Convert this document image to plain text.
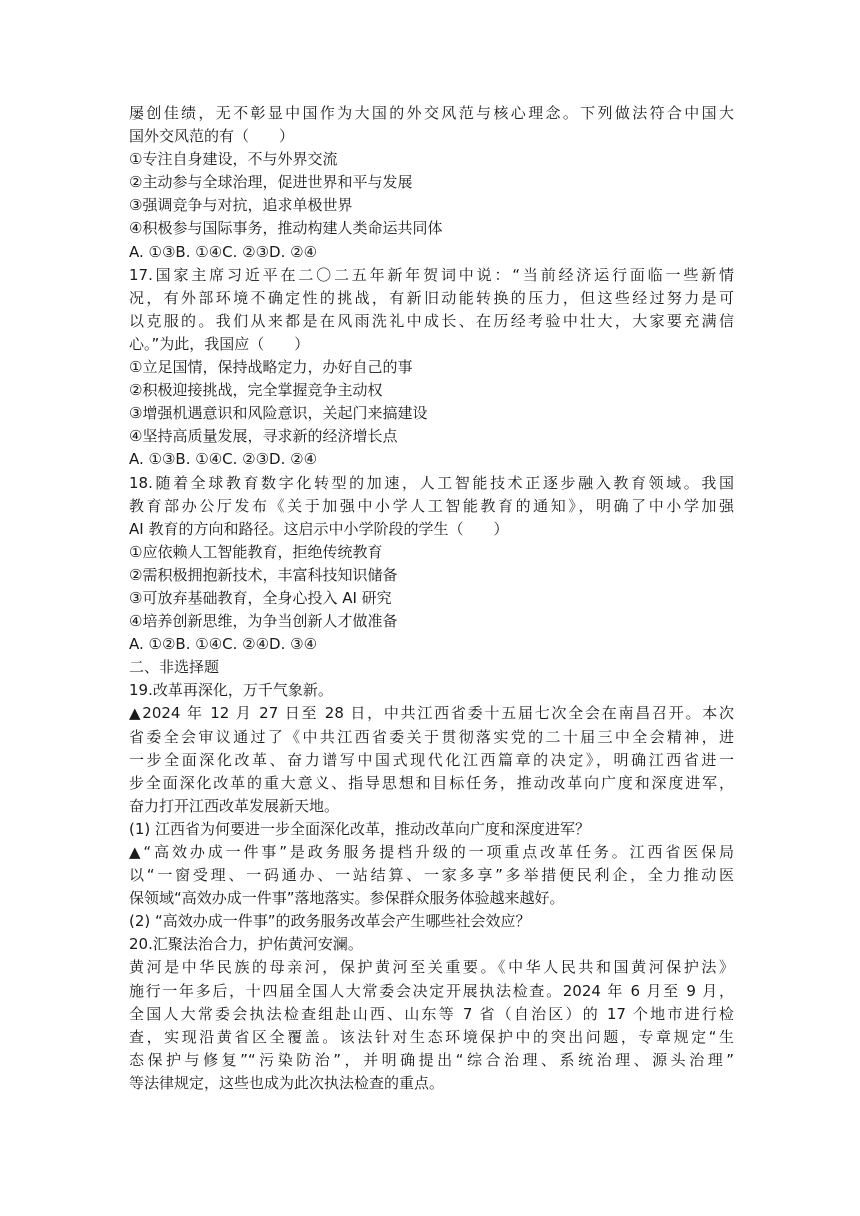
屡创佳绩，无不彰显中国作为大国的外交风范与核心理念。下列做法符合中国大
国外交风范的有（　　）
①专注自身建设，不与外界交流
②主动参与全球治理，促进世界和平与发展
③强调竞争与对抗，追求单极世界
④积极参与国际事务，推动构建人类命运共同体
A. ①③B. ①④C. ②③D. ②④
17.国家主席习近平在二〇二五年新年贺词中说：“当前经济运行面临一些新情
况，有外部环境不确定性的挑战，有新旧动能转换的压力，但这些经过努力是可
以克服的。我们从来都是在风雨洗礼中成长、在历经考验中壮大，大家要充满信
心。”为此，我国应（　　）
①立足国情，保持战略定力，办好自己的事
②积极迎接挑战，完全掌握竞争主动权
③增强机遇意识和风险意识，关起门来搞建设
④坚持高质量发展，寻求新的经济增长点
A. ①③B. ①④C. ②③D. ②④
18.随着全球教育数字化转型的加速，人工智能技术正逐步融入教育领域。我国
教育部办公厅发布《关于加强中小学人工智能教育的通知》，明确了中小学加强
AI 教育的方向和路径。这启示中小学阶段的学生（　　）
①应依赖人工智能教育，拒绝传统教育
②需积极拥抱新技术，丰富科技知识储备
③可放弃基础教育，全身心投入 AI 研究
④培养创新思维，为争当创新人才做准备
A. ①②B. ①④C. ②④D. ③④
二、非选择题
19.改革再深化，万千气象新。
▲2024 年 12 月 27 日至 28 日，中共江西省委十五届七次全会在南昌召开。本次
省委全会审议通过了《中共江西省委关于贯彻落实党的二十届三中全会精神，进
一步全面深化改革、奋力谱写中国式现代化江西篇章的决定》，明确江西省进一
步全面深化改革的重大意义、指导思想和目标任务，推动改革向广度和深度进军，
奋力打开江西改革发展新天地。
(1) 江西省为何要进一步全面深化改革，推动改革向广度和深度进军？
▲“高效办成一件事”是政务服务提档升级的一项重点改革任务。江西省医保局
以“一窗受理、一码通办、一站结算、一家多享”多举措便民利企，全力推动医
保领域“高效办成一件事”落地落实。参保群众服务体验越来越好。
(2) “高效办成一件事”的政务服务改革会产生哪些社会效应？
20.汇聚法治合力，护佑黄河安澜。
黄河是中华民族的母亲河，保护黄河至关重要。《中华人民共和国黄河保护法》
施行一年多后，十四届全国人大常委会决定开展执法检查。2024 年 6 月至 9 月，
全国人大常委会执法检查组赴山西、山东等 7 省（自治区）的 17 个地市进行检
查，实现沿黄省区全覆盖。该法针对生态环境保护中的突出问题，专章规定“生
态保护与修复”“污染防治”，并明确提出“综合治理、系统治理、源头治理”
等法律规定，这些也成为此次执法检查的重点。
